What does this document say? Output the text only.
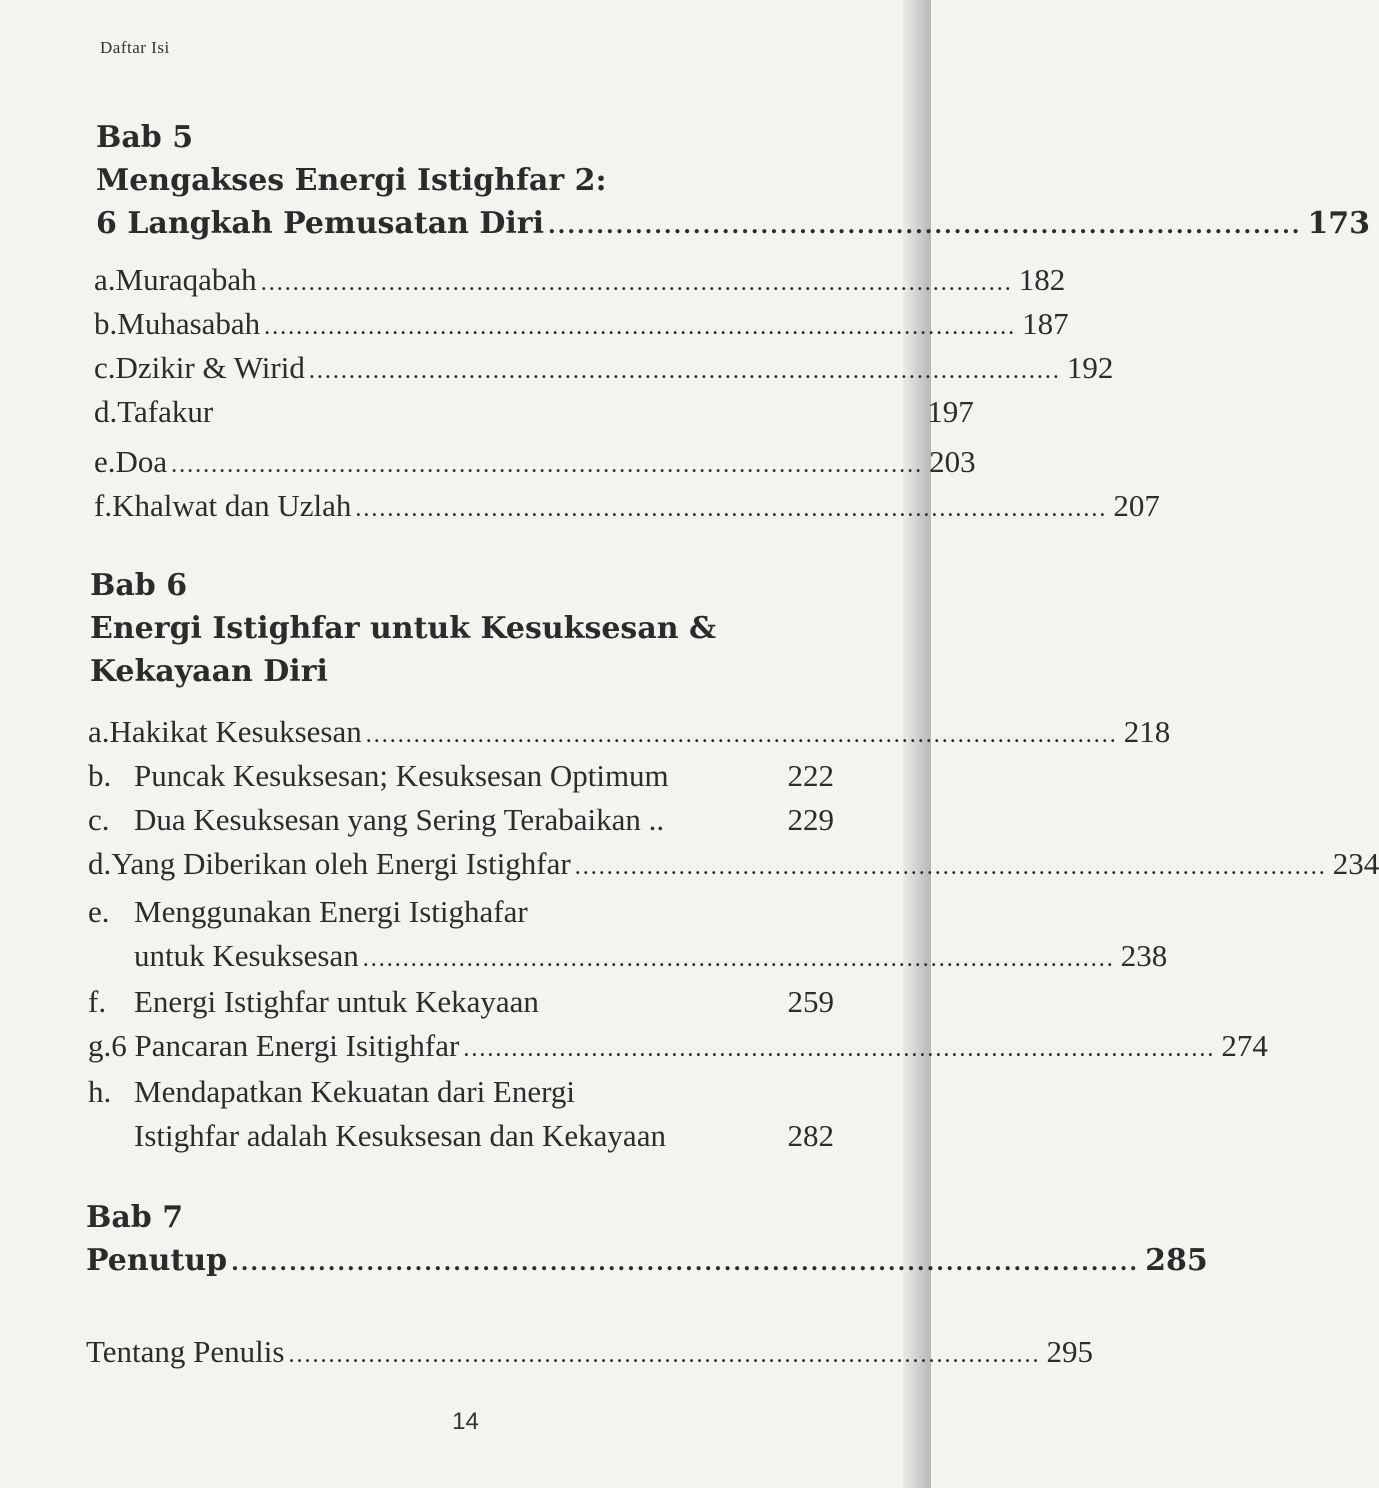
Daftar Isi
Bab 5
Mengakses Energi Istighfar 2:
6 Langkah Pemusatan Diri .............................................................................. 173
a. Muraqabah .............................................................................................. 182
b. Muhasabah .............................................................................................. 187
c. Dzikir & Wirid .............................................................................................. 192
d. Tafakur	197
e. Doa .............................................................................................. 203
f. Khalwat dan Uzlah .............................................................................................. 207
Bab 6
Energi Istighfar untuk Kesuksesan &
Kekayaan Diri
a. Hakikat Kesuksesan .............................................................................................. 218
b. Puncak Kesuksesan; Kesuksesan Optimum	222
c. Dua Kesuksesan yang Sering Terabaikan ..	229
d. Yang Diberikan oleh Energi Istighfar .............................................................................................. 234
e. Menggunakan Energi Istighafar
untuk Kesuksesan .............................................................................................. 238
f. Energi Istighfar untuk Kekayaan	259
g. 6 Pancaran Energi Isitighfar .............................................................................................. 274
h. Mendapatkan Kekuatan dari Energi
Istighfar adalah Kesuksesan dan Kekayaan	282
Bab 7
Penutup .............................................................................................. 285
Tentang Penulis .............................................................................................. 295
14
